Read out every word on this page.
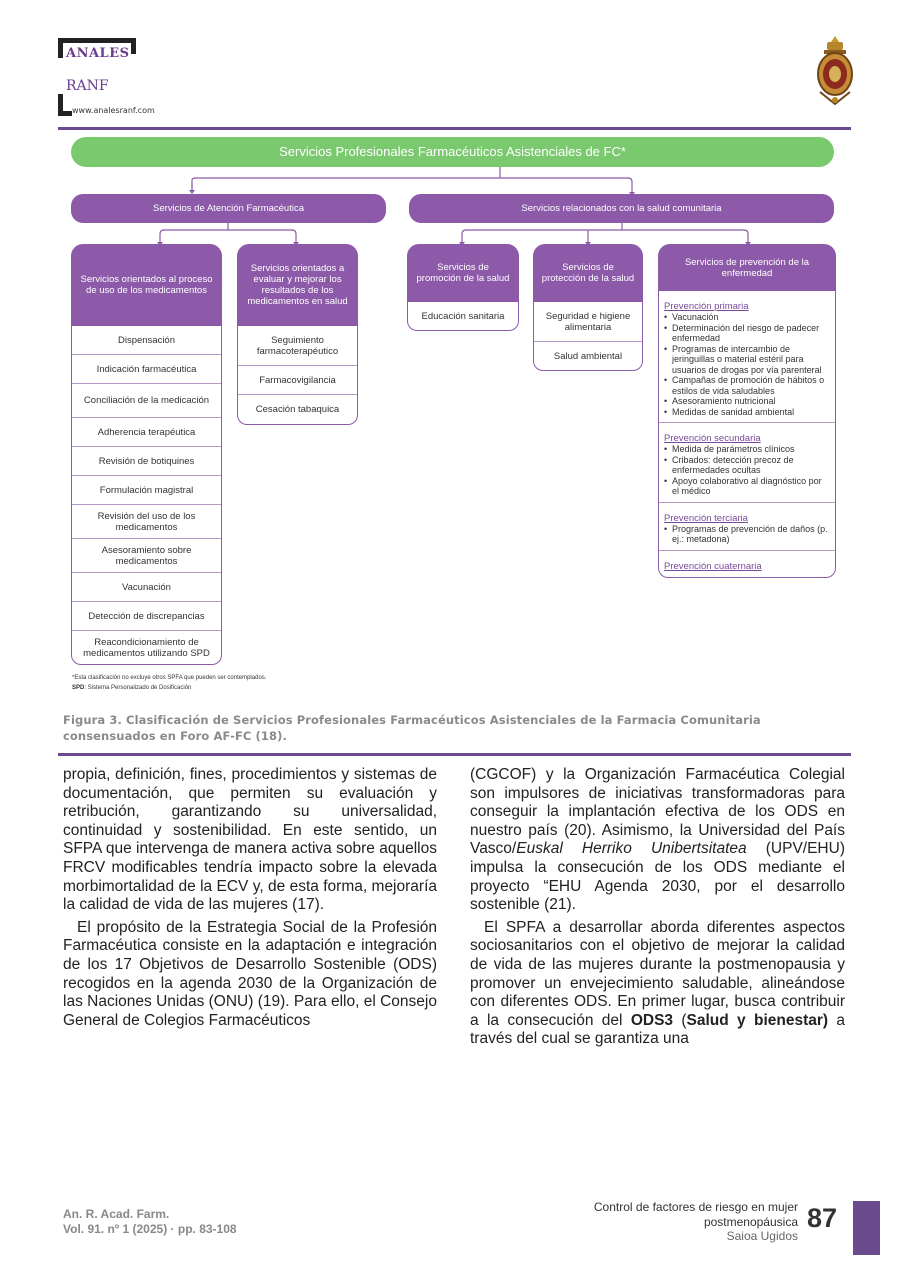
ANALES
RANF
www.analesranf.com
Servicios Profesionales Farmacéuticos Asistenciales de FC*
Servicios de Atención Farmacéutica	Servicios relacionados con la salud comunitaria
Servicios orientados al proceso de uso de los medicamentos
Dispensación
Indicación farmacéutica
Conciliación de la medicación
Adherencia terapéutica
Revisión de botiquines
Formulación magistral
Revisión del uso de los medicamentos
Asesoramiento sobre medicamentos
Vacunación
Detección de discrepancias
Reacondicionamiento de medicamentos utilizando SPD
Servicios orientados a evaluar y mejorar los resultados de los medicamentos en salud
Seguimiento farmacoterapéutico
Farmacovigilancia
Cesación tabaquica
Servicios de promoción de la salud
Educación sanitaria
Servicios de protección de la salud
Seguridad e higiene alimentaria
Salud ambiental
Servicios de prevención de la enfermedad
Prevención primaria
• Vacunación
• Determinación del riesgo de padecer enfermedad
• Programas de intercambio de jeringuillas o material estéril para usuarios de drogas por vía parenteral
• Campañas de promoción de hábitos o estilos de vida saludables
• Asesoramiento nutricional
• Medidas de sanidad ambiental
Prevención secundaria
• Medida de parámetros clínicos
• Cribados: detección precoz de enfermedades ocultas
• Apoyo colaborativo al diagnóstico por el médico
Prevención terciaria
• Programas de prevención de daños (p. ej.: metadona)
Prevención cuaternaria
*Esta clasificación no excluye otros SPFA que pueden ser contemplados.
SPD: Sistema Personalizado de Dosificación
Figura 3. Clasificación de Servicios Profesionales Farmacéuticos Asistenciales de la Farmacia Comunitaria consensuados en Foro AF-FC (18).

propia, definición, fines, procedimientos y sistemas de documentación, que permiten su evaluación y retribución, garantizando su universalidad, continuidad y sostenibilidad. En este sentido, un SFPA que intervenga de manera activa sobre aquellos FRCV modificables tendría impacto sobre la elevada morbimortalidad de la ECV y, de esta forma, mejoraría la calidad de vida de las mujeres (17).

El propósito de la Estrategia Social de la Profesión Farmacéutica consiste en la adaptación e integración de los 17 Objetivos de Desarrollo Sostenible (ODS) recogidos en la agenda 2030 de la Organización de las Naciones Unidas (ONU) (19). Para ello, el Consejo General de Colegios Farmacéuticos

(CGCOF) y la Organización Farmacéutica Colegial son impulsores de iniciativas transformadoras para conseguir la implantación efectiva de los ODS en nuestro país (20). Asimismo, la Universidad del País Vasco/Euskal Herriko Unibertsitatea (UPV/EHU) impulsa la consecución de los ODS mediante el proyecto “EHU Agenda 2030, por el desarrollo sostenible (21).

El SPFA a desarrollar aborda diferentes aspectos sociosanitarios con el objetivo de mejorar la calidad de vida de las mujeres durante la postmenopausia y promover un envejecimiento saludable, alineándose con diferentes ODS. En primer lugar, busca contribuir a la consecución del ODS3 (Salud y bienestar) a través del cual se garantiza una

An. R. Acad. Farm.
Vol. 91. nº 1 (2025) · pp. 83-108
Control de factores de riesgo en mujer
postmenopáusica
Saioa Ugidos
87
